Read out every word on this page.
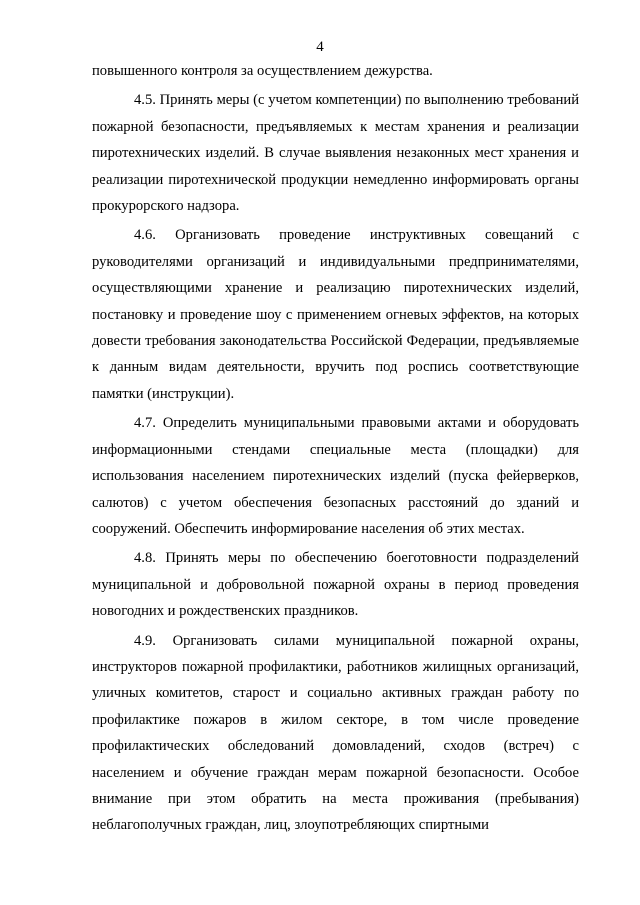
4

повышенного контроля за осуществлением дежурства.

4.5. Принять меры (с учетом компетенции) по выполнению требований пожарной безопасности, предъявляемых к местам хранения и реализации пиротехнических изделий. В случае выявления незаконных мест хранения и реализации пиротехнической продукции немедленно информировать органы прокурорского надзора.

4.6. Организовать проведение инструктивных совещаний с руководителями организаций и индивидуальными предпринимателями, осуществляющими хранение и реализацию пиротехнических изделий, постановку и проведение шоу с применением огневых эффектов, на которых довести требования законодательства Российской Федерации, предъявляемые к данным видам деятельности, вручить под роспись соответствующие памятки (инструкции).

4.7. Определить муниципальными правовыми актами и оборудовать информационными стендами специальные места (площадки) для использования населением пиротехнических изделий (пуска фейерверков, салютов) с учетом обеспечения безопасных расстояний до зданий и сооружений. Обеспечить информирование населения об этих местах.

4.8. Принять меры по обеспечению боеготовности подразделений муниципальной и добровольной пожарной охраны в период проведения новогодних и рождественских праздников.

4.9. Организовать силами муниципальной пожарной охраны, инструкторов пожарной профилактики, работников жилищных организаций, уличных комитетов, старост и социально активных граждан работу по профилактике пожаров в жилом секторе, в том числе проведение профилактических обследований домовладений, сходов (встреч) с населением и обучение граждан мерам пожарной безопасности. Особое внимание при этом обратить на места проживания (пребывания) неблагополучных граждан, лиц, злоупотребляющих спиртными
